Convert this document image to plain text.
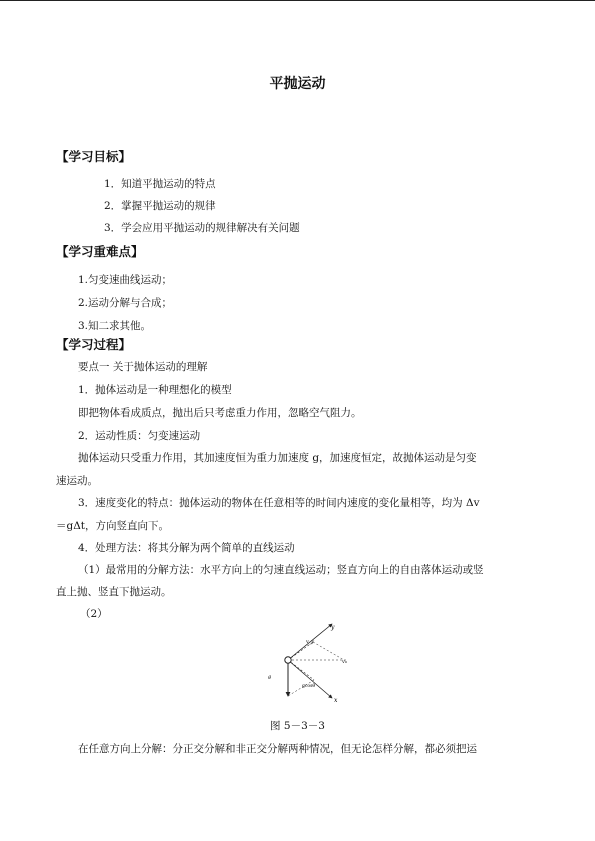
平抛运动
【学习目标】
1．知道平抛运动的特点
2．掌握平抛运动的规律
3．学会应用平抛运动的规律解决有关问题
【学习重难点】
1.匀变速曲线运动；
2.运动分解与合成；
3.知二求其他。
【学习过程】
要点一 关于抛体运动的理解
1．抛体运动是一种理想化的模型
即把物体看成质点，抛出后只考虑重力作用，忽略空气阻力。
2．运动性质：匀变速运动
抛体运动只受重力作用，其加速度恒为重力加速度 g，加速度恒定，故抛体运动是匀变
速运动。
3．速度变化的特点：抛体运动的物体在任意相等的时间内速度的变化量相等，均为 Δv
＝gΔt，方向竖直向下。
4．处理方法：将其分解为两个简单的直线运动
（1）最常用的分解方法：水平方向上的匀速直线运动；竖直方向上的自由落体运动或竖
直上抛、竖直下抛运动。
（2）
y
x
v₀
v_y
g
gcosθ
图 5－3－3
在任意方向上分解：分正交分解和非正交分解两种情况，但无论怎样分解，都必须把运
